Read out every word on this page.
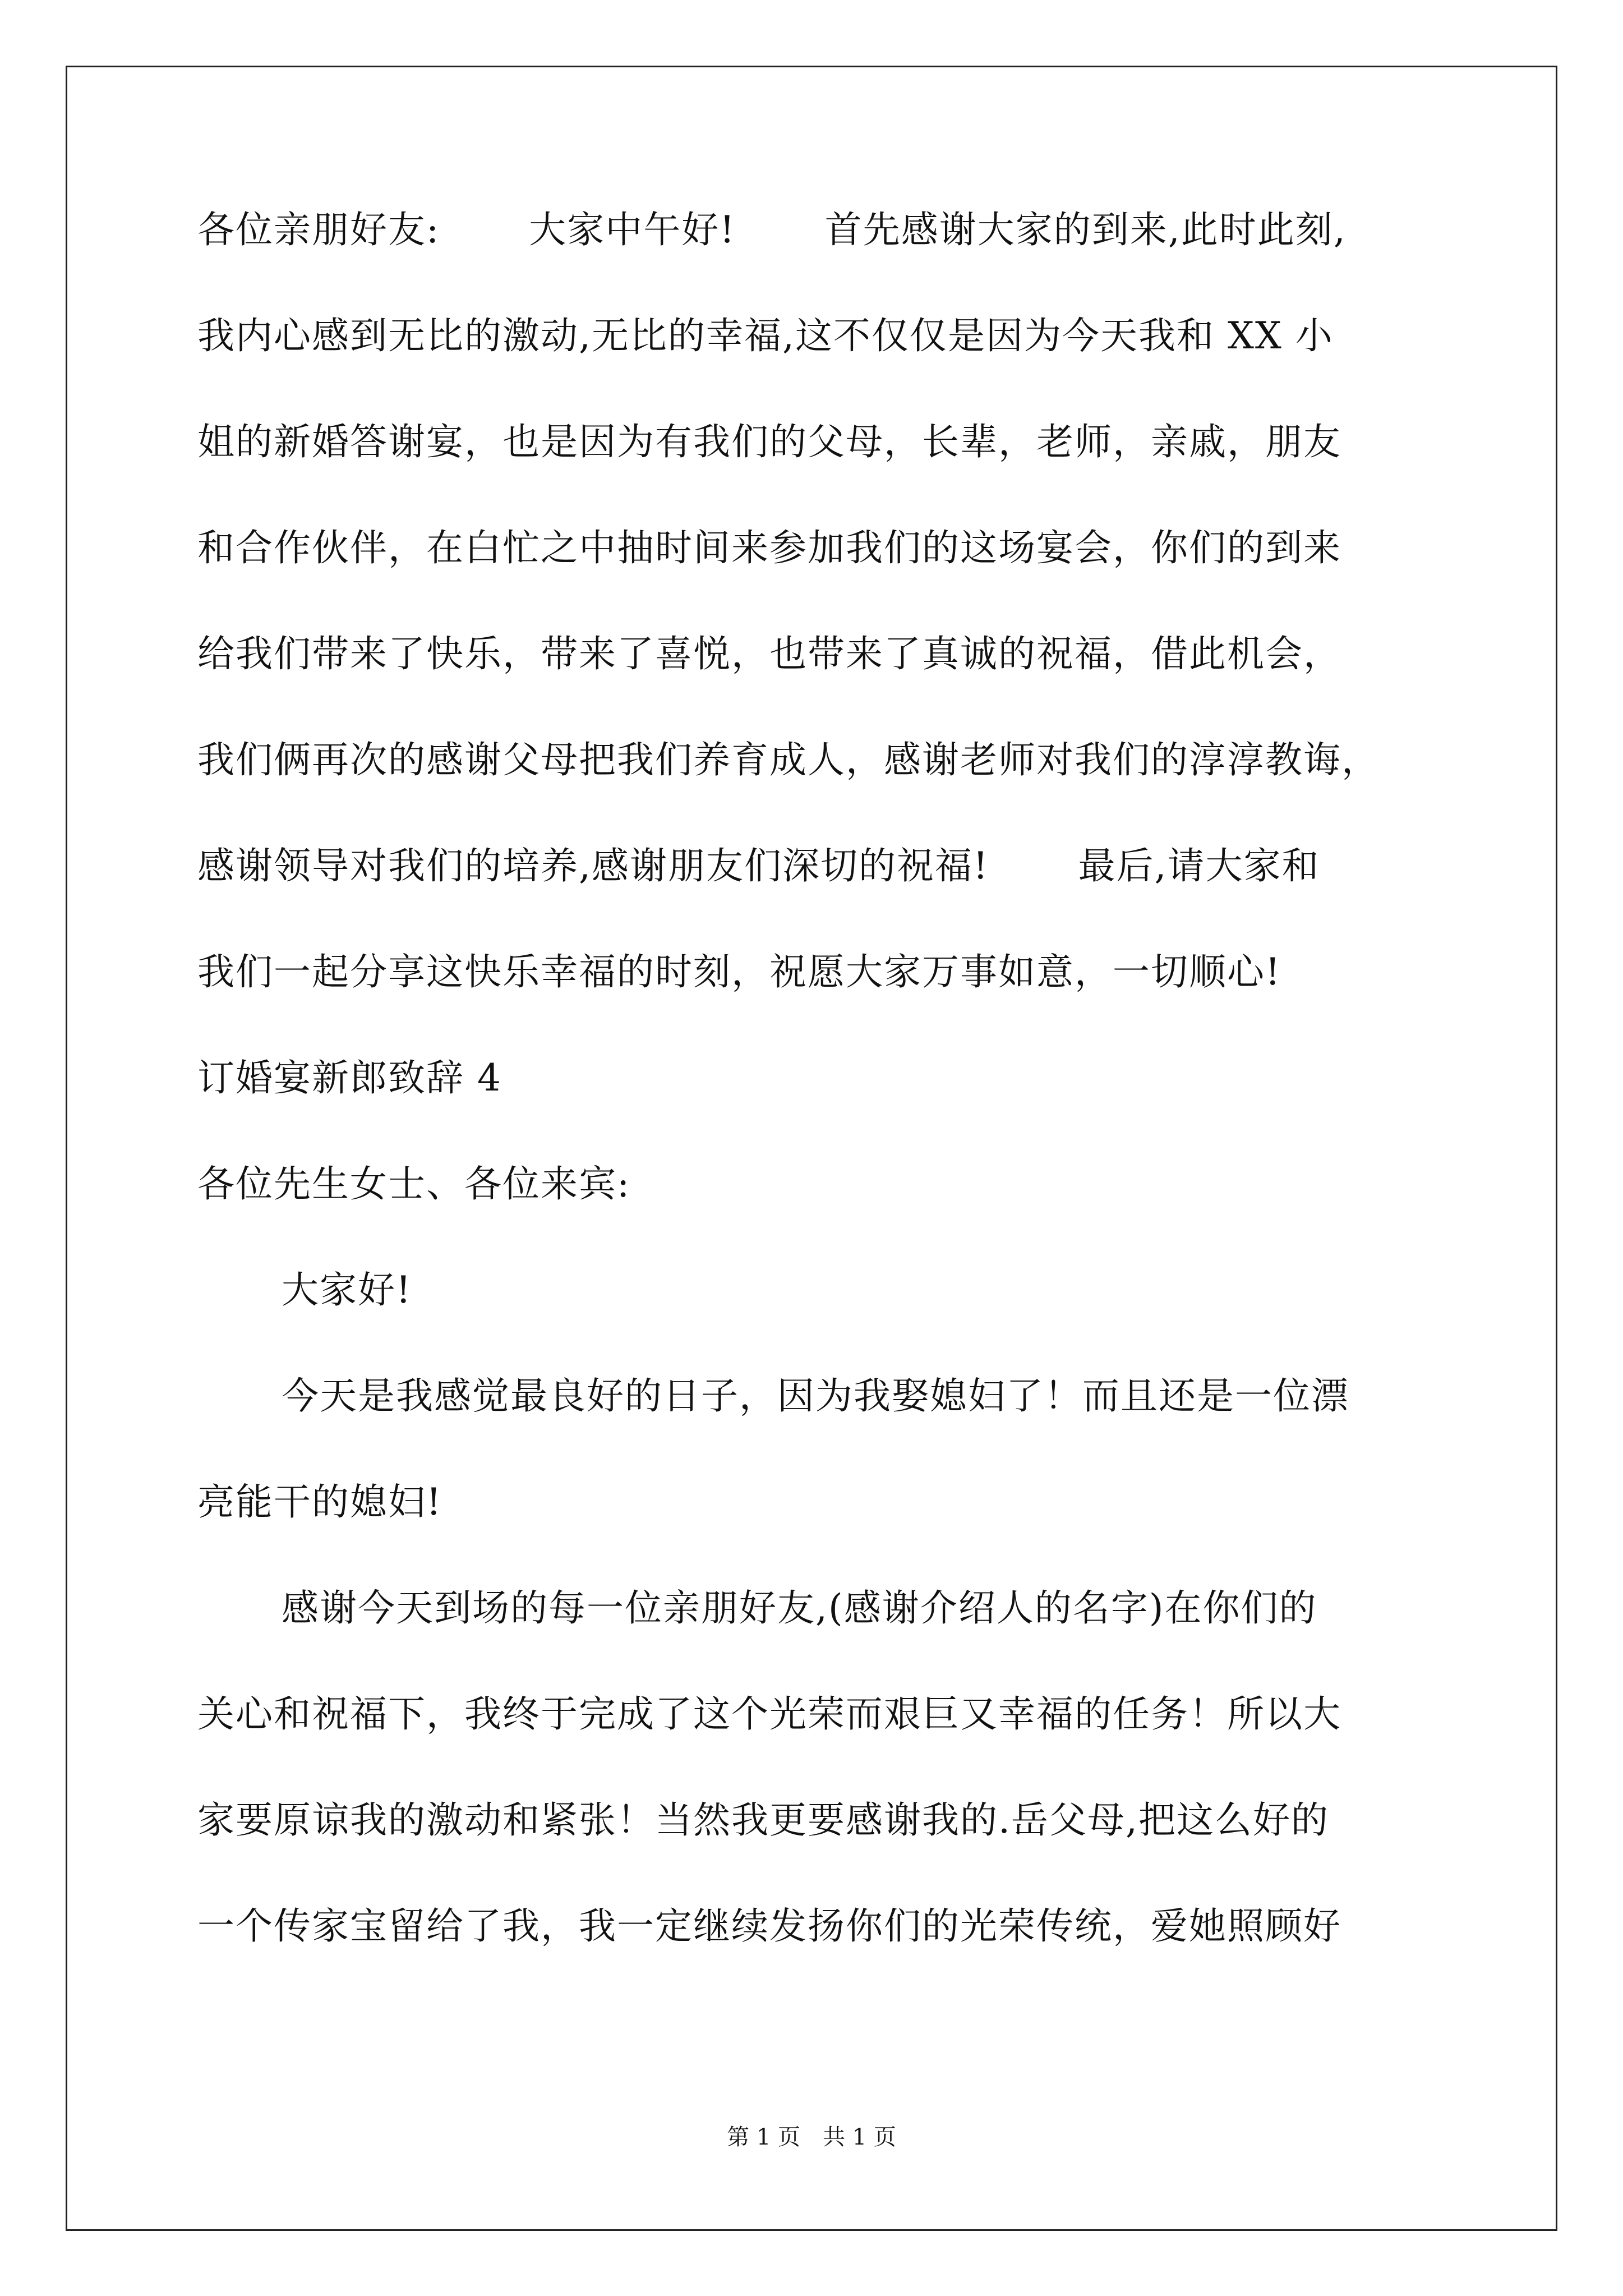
各位亲朋好友:　　 大家中午好!　　 首先感谢大家的到来,此时此刻,
我内心感到无比的激动,无比的幸福,这不仅仅是因为今天我和 XX 小
姐的新婚答谢宴，也是因为有我们的父母，长辈，老师，亲戚，朋友
和合作伙伴，在白忙之中抽时间来参加我们的这场宴会，你们的到来
给我们带来了快乐，带来了喜悦，也带来了真诚的祝福，借此机会，
我们俩再次的感谢父母把我们养育成人，感谢老师对我们的淳淳教诲，
感谢领导对我们的培养,感谢朋友们深切的祝福!　　 最后,请大家和
我们一起分享这快乐幸福的时刻，祝愿大家万事如意，一切顺心!
订婚宴新郎致辞 4
各位先生女士、各位来宾:
大家好!
今天是我感觉最良好的日子，因为我娶媳妇了！而且还是一位漂
亮能干的媳妇!
感谢今天到场的每一位亲朋好友,(感谢介绍人的名字)在你们的
关心和祝福下，我终于完成了这个光荣而艰巨又幸福的任务！所以大
家要原谅我的激动和紧张！当然我更要感谢我的.岳父母,把这么好的
一个传家宝留给了我，我一定继续发扬你们的光荣传统，爱她照顾好
第 1 页 共 1 页
